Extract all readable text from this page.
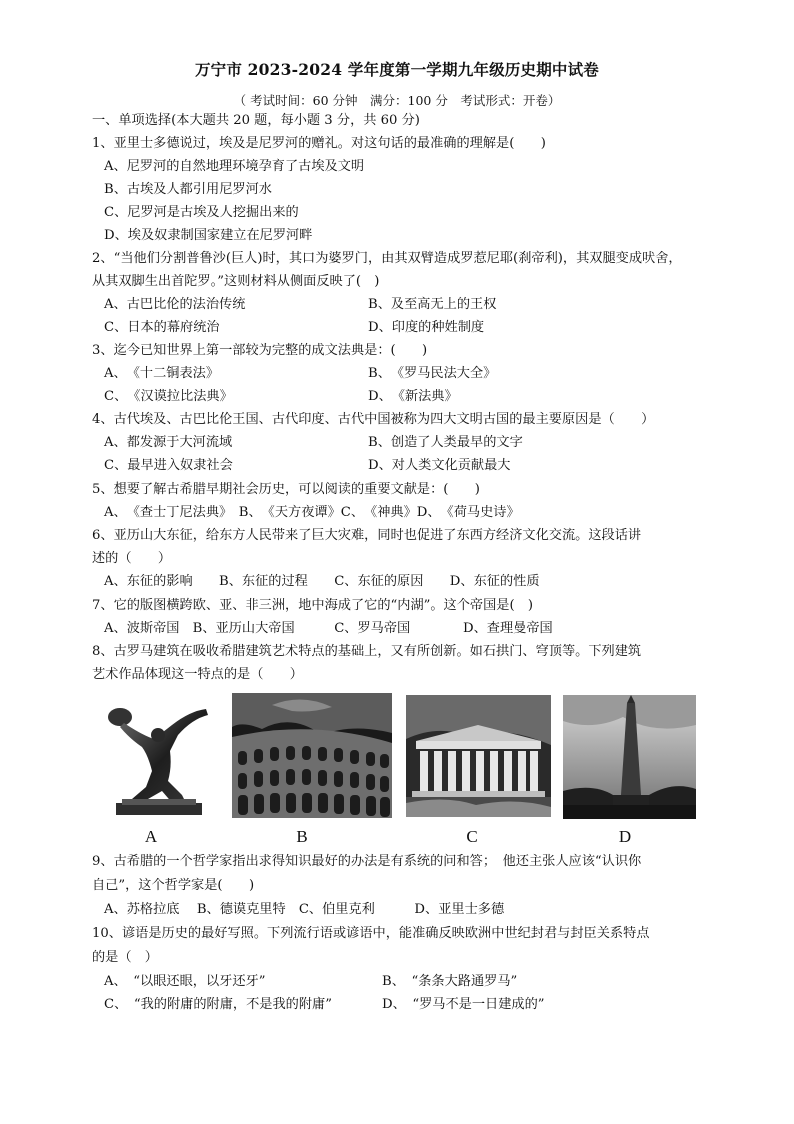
万宁市 2023-2024 学年度第一学期九年级历史期中试卷
（ 考试时间：60 分钟　满分：100 分　考试形式：开卷）
一、单项选择(本大题共 20 题，每小题 3 分，共 60 分)
1、亚里士多德说过，埃及是尼罗河的赠礼。对这句话的最准确的理解是(　　)
A、尼罗河的自然地理环境孕育了古埃及文明
B、古埃及人都引用尼罗河水
C、尼罗河是古埃及人挖掘出来的
D、埃及奴隶制国家建立在尼罗河畔
2、“当他们分割普鲁沙(巨人)时，其口为婆罗门，由其双臂造成罗惹尼耶(刹帝利)，其双腿变成吠舍，
从其双脚生出首陀罗。”这则材料从侧面反映了(　)
A、古巴比伦的法治传统	B、及至高无上的王权
C、日本的幕府统治	D、印度的种姓制度
3、迄今已知世界上第一部较为完整的成文法典是：(　　)
A、　《十二铜表法》	B、　《罗马民法大全》
C、　《汉谟拉比法典》	D、　《新法典》
4、古代埃及、古巴比伦王国、古代印度、古代中国被称为四大文明古国的最主要原因是（　　）
A、都发源于大河流域	B、创造了人类最早的文字
C、最早进入奴隶社会	D、对人类文化贡献最大
5、想要了解古希腊早期社会历史，可以阅读的重要文献是：(　　)
A、　《查士丁尼法典》　B、　《天方夜谭》C、　《神典》D、　《荷马史诗》
6、亚历山大东征，给东方人民带来了巨大灾难，同时也促进了东西方经济文化交流。这段话讲
述的（　　）
A、东征的影响　　B、东征的过程　　C、东征的原因　　D、东征的性质
7、它的版图横跨欧、亚、非三洲，地中海成了它的“内湖”。这个帝国是(　)
A、波斯帝国　B、亚历山大帝国　　　C、罗马帝国　　　　D、查理曼帝国
8、古罗马建筑在吸收希腊建筑艺术特点的基础上，又有所创新。如石拱门、穹顶等。下列建筑
艺术作品体现这一特点的是（　　）
A	B	C	D
9、古希腊的一个哲学家指出求得知识最好的办法是有系统的问和答；　他还主张人应该“认识你
自己”，这个哲学家是(　　)
A、苏格拉底　 B、德谟克里特　C、伯里克利　　　D、亚里士多德
10、谚语是历史的最好写照。下列流行语或谚语中，能准确反映欧洲中世纪封君与封臣关系特点
的是（　）
A、　“以眼还眼，以牙还牙”	B、　“条条大路通罗马”
C、　“我的附庸的附庸，不是我的附庸”	D、　“罗马不是一日建成的”
